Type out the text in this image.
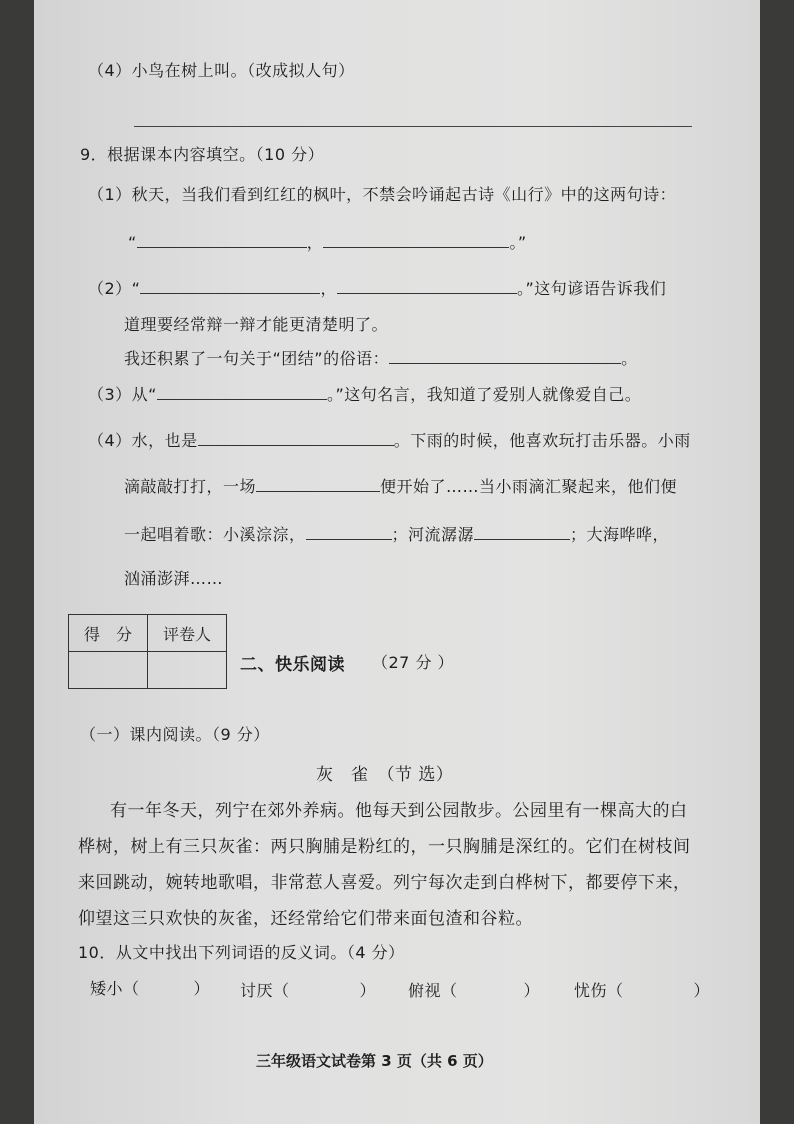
（4）小鸟在树上叫。（改成拟人句）
9．根据课本内容填空。（10 分）
（1）秋天，当我们看到红红的枫叶，不禁会吟诵起古诗《山行》中的这两句诗：
“	，	。”
（2）“	，	。”这句谚语告诉我们
道理要经常辩一辩才能更清楚明了。
我还积累了一句关于“团结”的俗语：	。
（3）从“	。”这句名言，我知道了爱别人就像爱自己。
（4）水，也是	。下雨的时候，他喜欢玩打击乐器。小雨
滴敲敲打打，一场	便开始了……当小雨滴汇聚起来，他们便
一起唱着歌：小溪淙淙，	；河流潺潺	；大海哗哗，
汹涌澎湃……
得　分	评卷人

二、快乐阅读 （27 分 ）
（一）课内阅读。（9 分）
灰　雀　（节 选）
有一年冬天，列宁在郊外养病。他每天到公园散步。公园里有一棵高大的白
桦树，树上有三只灰雀：两只胸脯是粉红的，一只胸脯是深红的。它们在树枝间
来回跳动，婉转地歌唱，非常惹人喜爱。列宁每次走到白桦树下，都要停下来，
仰望这三只欢快的灰雀，还经常给它们带来面包渣和谷粒。
10．从文中找出下列词语的反义词。（4 分）
矮小（	） 讨厌（	） 俯视（	） 忧伤（	）
三年级语文试卷第 3 页（共 6 页）
